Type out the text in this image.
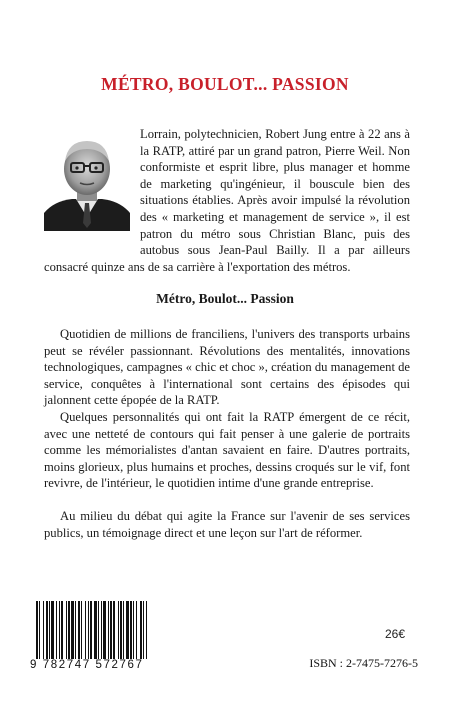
MÉTRO, BOULOT... PASSION

Lorrain, polytechnicien, Robert Jung entre à 22 ans à la RATP, attiré par un grand patron, Pierre Weil. Non conformiste et esprit libre, plus manager et homme de marketing qu'ingénieur, il bouscule bien des situations établies. Après avoir impulsé la révolution des « marketing et management de service », il est patron du métro sous Christian Blanc, puis des autobus sous Jean-Paul Bailly. Il a par ailleurs consacré quinze ans de sa carrière à l'exportation des métros.

Métro, Boulot... Passion

Quotidien de millions de franciliens, l'univers des transports urbains peut se révéler passionnant. Révolutions des mentalités, innovations technologiques, campagnes « chic et choc », création du management de service, conquêtes à l'international sont certains des épisodes qui jalonnent cette épopée de la RATP.

Quelques personnalités qui ont fait la RATP émergent de ce récit, avec une netteté de contours qui fait penser à une galerie de portraits comme les mémorialistes d'antan savaient en faire. D'autres portraits, moins glorieux, plus humains et proches, dessins croqués sur le vif, font revivre, de l'intérieur, le quotidien intime d'une grande entreprise.

Au milieu du débat qui agite la France sur l'avenir de ses services publics, un témoignage direct et une leçon sur l'art de réformer.

9 782747 572767
26€
ISBN : 2-7475-7276-5
